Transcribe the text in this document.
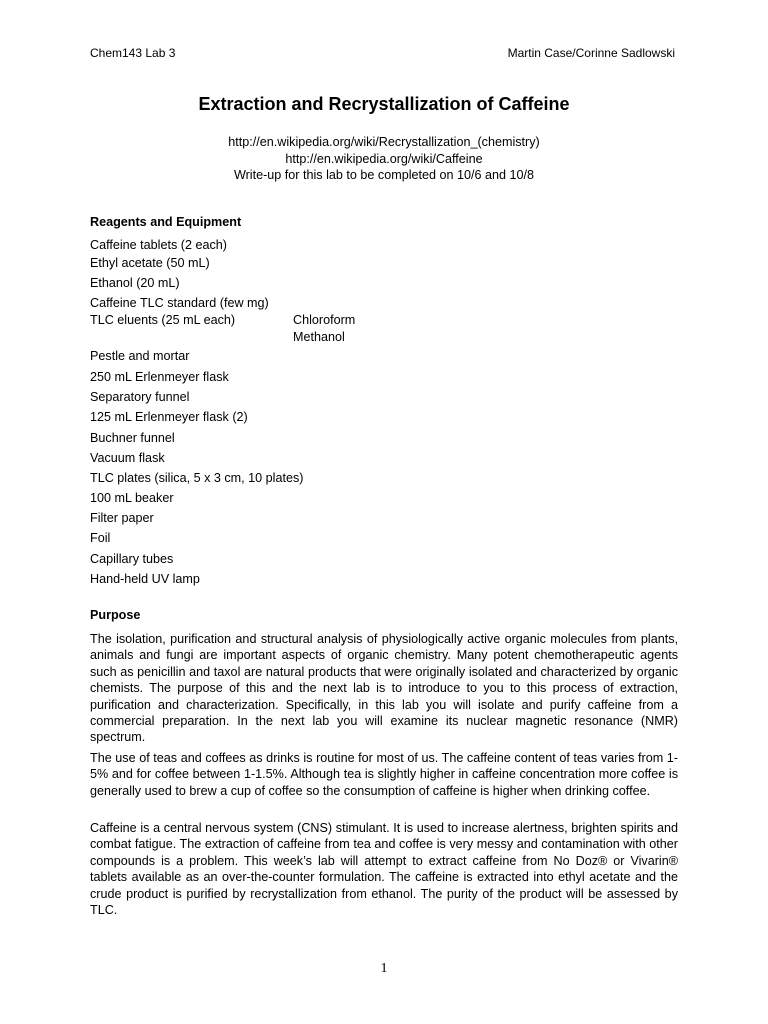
Chem143 Lab 3	Martin Case/Corinne Sadlowski
Extraction and Recrystallization of Caffeine
http://en.wikipedia.org/wiki/Recrystallization_(chemistry)
http://en.wikipedia.org/wiki/Caffeine
Write-up for this lab to be completed on 10/6 and 10/8
Reagents and Equipment
Caffeine tablets (2 each)
Ethyl acetate (50 mL)
Ethanol (20 mL)
Caffeine TLC standard (few mg)
TLC eluents (25 mL each)	Chloroform
Methanol
Pestle and mortar
250 mL Erlenmeyer flask
Separatory funnel
125 mL Erlenmeyer flask (2)
Buchner funnel
Vacuum flask
TLC plates (silica, 5 x 3 cm, 10 plates)
100 mL beaker
Filter paper
Foil
Capillary tubes
Hand-held UV lamp
Purpose

The isolation, purification and structural analysis of physiologically active organic molecules from plants, animals and fungi are important aspects of organic chemistry. Many potent chemotherapeutic agents such as penicillin and taxol are natural products that were originally isolated and characterized by organic chemists. The purpose of this and the next lab is to introduce to you to this process of extraction, purification and characterization. Specifically, in this lab you will isolate and purify caffeine from a commercial preparation. In the next lab you will examine its nuclear magnetic resonance (NMR) spectrum.

The use of teas and coffees as drinks is routine for most of us. The caffeine content of teas varies from 1-5% and for coffee between 1-1.5%. Although tea is slightly higher in caffeine concentration more coffee is generally used to brew a cup of coffee so the consumption of caffeine is higher when drinking coffee.

Caffeine is a central nervous system (CNS) stimulant. It is used to increase alertness, brighten spirits and combat fatigue. The extraction of caffeine from tea and coffee is very messy and contamination with other compounds is a problem. This week’s lab will attempt to extract caffeine from No Doz® or Vivarin® tablets available as an over-the-counter formulation. The caffeine is extracted into ethyl acetate and the crude product is purified by recrystallization from ethanol. The purity of the product will be assessed by TLC.

1
